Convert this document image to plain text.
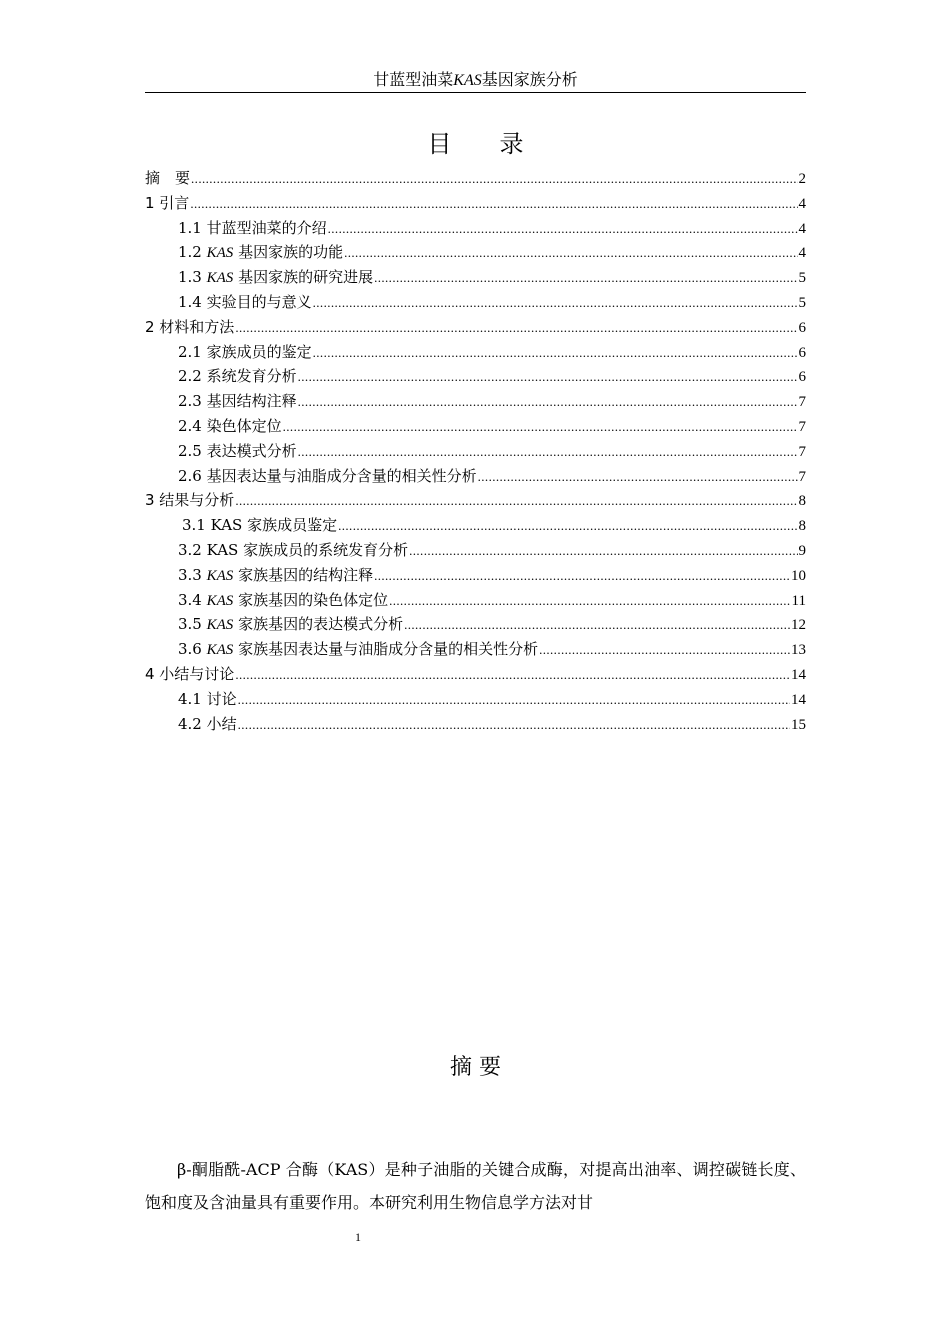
甘蓝型油菜KAS基因家族分析
目 录
摘　要 .....	2
1 引言 .....	4
1.1 甘蓝型油菜的介绍 .....	4
1.2 KAS 基因家族的功能 .....	4
1.3 KAS 基因家族的研究进展 .....	5
1.4 实验目的与意义 .....	5
2 材料和方法 .....	6
2.1 家族成员的鉴定 .....	6
2.2 系统发育分析 .....	6
2.3 基因结构注释 .....	7
2.4 染色体定位 .....	7
2.5 表达模式分析 .....	7
2.6 基因表达量与油脂成分含量的相关性分析 .....	7
3 结果与分析 .....	8
3.1 KAS 家族成员鉴定 .....	8
3.2 KAS 家族成员的系统发育分析 .....	9
3.3 KAS 家族基因的结构注释 .....	10
3.4 KAS 家族基因的染色体定位 .....	11
3.5 KAS 家族基因的表达模式分析 .....	12
3.6 KAS 家族基因表达量与油脂成分含量的相关性分析 .....	13
4 小结与讨论 .....	14
4.1 讨论 .....	14
4.2 小结 .....	15
摘 要
β-酮脂酰-ACP 合酶（KAS）是种子油脂的关键合成酶，对提高出油率、调控碳链长度、饱和度及含油量具有重要作用。本研究利用生物信息学方法对甘
1
